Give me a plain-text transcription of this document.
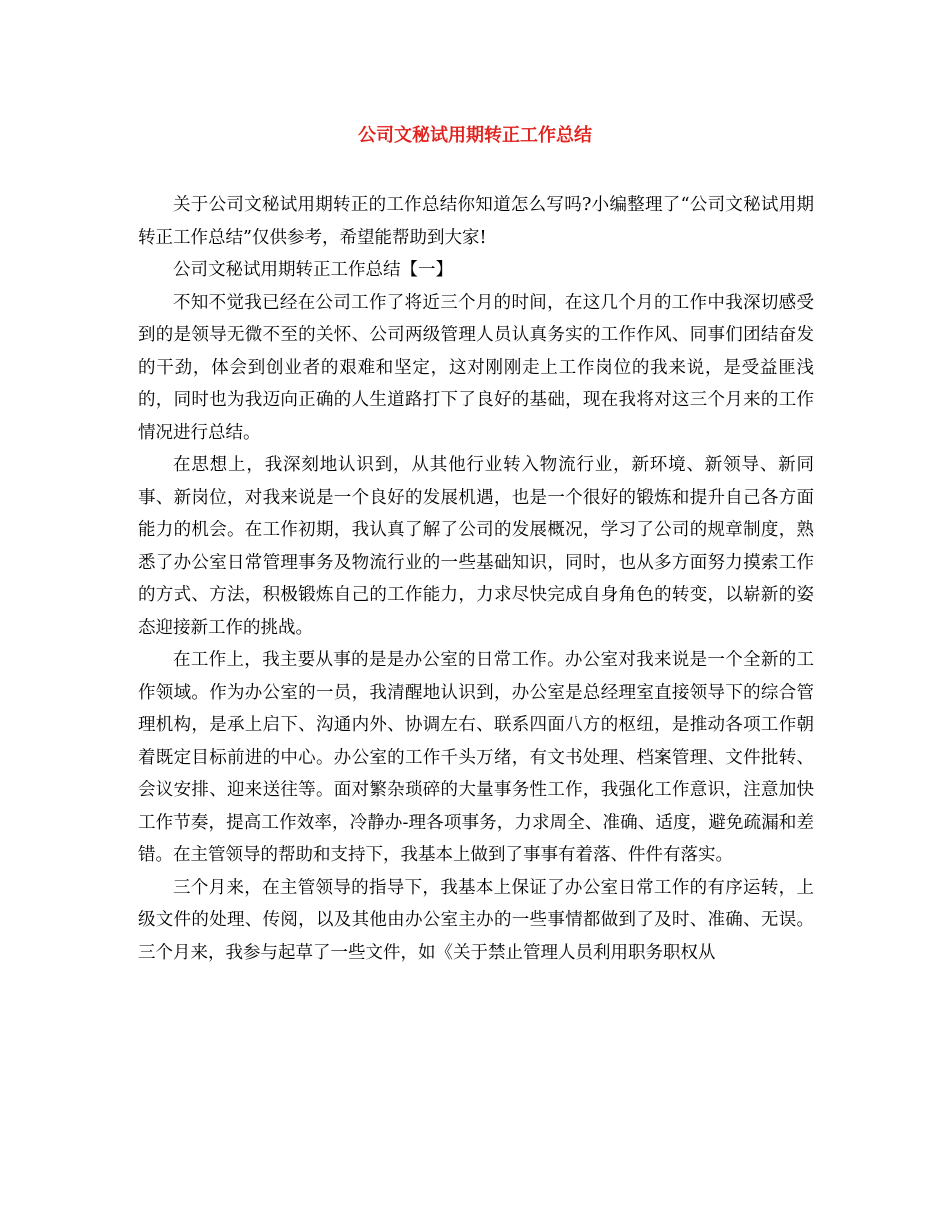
公司文秘试用期转正工作总结

关于公司文秘试用期转正的工作总结你知道怎么写吗?小编整理了“公司文秘试用期转正工作总结”仅供参考，希望能帮助到大家!

公司文秘试用期转正工作总结【一】

不知不觉我已经在公司工作了将近三个月的时间，在这几个月的工作中我深切感受到的是领导无微不至的关怀、公司两级管理人员认真务实的工作作风、同事们团结奋发的干劲，体会到创业者的艰难和坚定，这对刚刚走上工作岗位的我来说，是受益匪浅的，同时也为我迈向正确的人生道路打下了良好的基础，现在我将对这三个月来的工作情况进行总结。

在思想上，我深刻地认识到，从其他行业转入物流行业，新环境、新领导、新同事、新岗位，对我来说是一个良好的发展机遇，也是一个很好的锻炼和提升自己各方面能力的机会。在工作初期，我认真了解了公司的发展概况，学习了公司的规章制度，熟悉了办公室日常管理事务及物流行业的一些基础知识，同时，也从多方面努力摸索工作的方式、方法，积极锻炼自己的工作能力，力求尽快完成自身角色的转变，以崭新的姿态迎接新工作的挑战。

在工作上，我主要从事的是是办公室的日常工作。办公室对我来说是一个全新的工作领域。作为办公室的一员，我清醒地认识到，办公室是总经理室直接领导下的综合管理机构，是承上启下、沟通内外、协调左右、联系四面八方的枢纽，是推动各项工作朝着既定目标前进的中心。办公室的工作千头万绪，有文书处理、档案管理、文件批转、会议安排、迎来送往等。面对繁杂琐碎的大量事务性工作，我强化工作意识，注意加快工作节奏，提高工作效率，冷静办-理各项事务，力求周全、准确、适度，避免疏漏和差错。在主管领导的帮助和支持下，我基本上做到了事事有着落、件件有落实。

三个月来，在主管领导的指导下，我基本上保证了办公室日常工作的有序运转，上级文件的处理、传阅，以及其他由办公室主办的一些事情都做到了及时、准确、无误。三个月来，我参与起草了一些文件，如《关于禁止管理人员利用职务职权从
